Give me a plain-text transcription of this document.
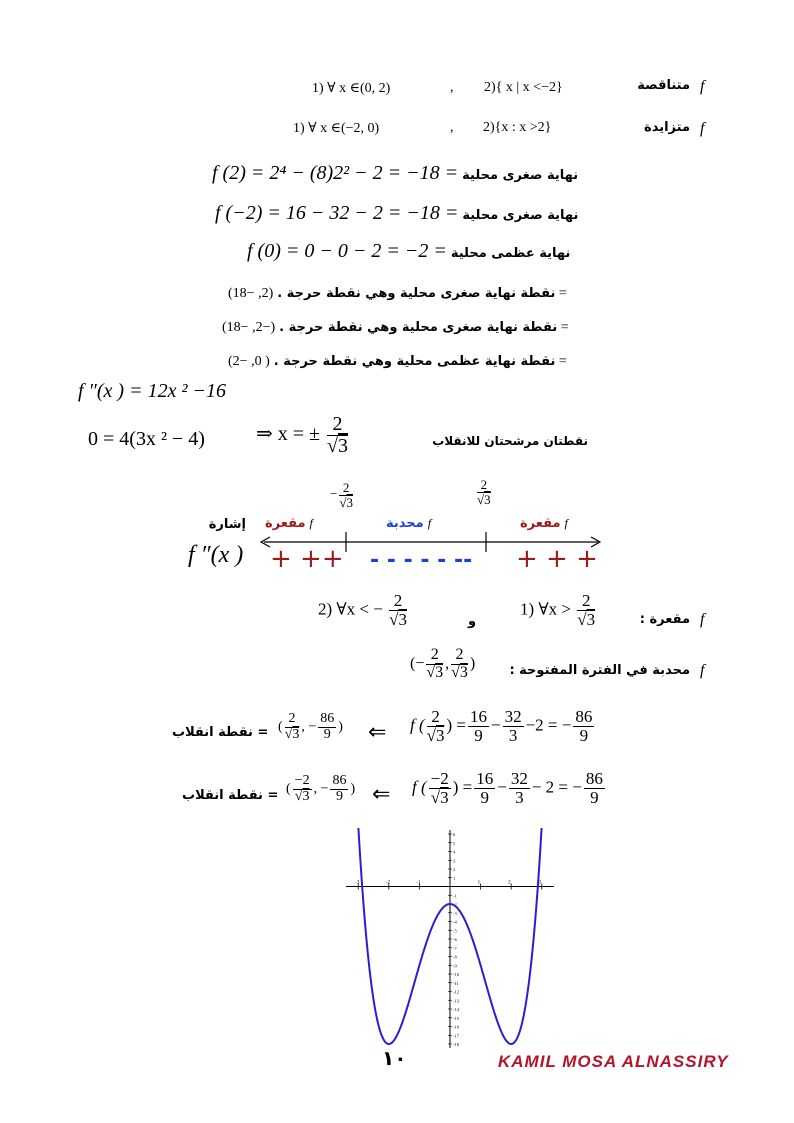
f
متناقصة
1) ∀ x ∈(0, 2)	, 2){ x | x <−2}
f
متزايدة
1) ∀ x ∈(−2, 0)	, 2){x : x >2}
f (2) = 2⁴ − (8)2² − 2 = −18 = نهاية صغرى محلية
f (−2) = 16 − 32 − 2 = −18 = نهاية صغرى محلية
f (0) = 0 − 0 − 2 = −2 = نهاية عظمى محلية
نقطة نهاية صغرى محلية وهي نقطة حرجة . (2, −18) =
نقطة نهاية صغرى محلية وهي نقطة حرجة . (−2, −18) =
نقطة نهاية عظمى محلية وهي نقطة حرجة . ( 0, −2) =
f ″(x ) = 12x ² −16
0 = 4(3x ² − 4)	⇒ x = ± $\frac{2}{√3}$	نقطتان مرشحتان للانقلاب
إشارة
f ″(x )
− $\frac{2}{√3}$	$\frac{2}{√3}$
مقعرة f	محدبة f	مقعرة f
+ ++ - - - - - -- + + +
f
مقعرة :
1) ∀x > $\frac{2}{√3}$
و
2) ∀x < − $\frac{2}{√3}$
f
محدبة في الفترة المفتوحة :
(− $\frac{2}{√3}$ , $\frac{2}{√3}$ )
= نقطة انقلاب ( $\frac{2}{√3}$ , − $\frac{86}{9}$ ) ⇐ f ( $\frac{2}{√3}$ ) = $\frac{16}{9} - \frac{32}{3} -2$ = − $\frac{86}{9}$
= نقطة انقلاب ( $\frac{-2}{√3}$ , − $\frac{86}{9}$ ) ⇐ f ( $\frac{-2}{√3}$ ) = $\frac{16}{9} - \frac{32}{3} - 2$ = − $\frac{86}{9}$
-3	-2	-1	1	2	3
6
5
4
3
2
1
-1
-2
-3
-4
-5
-6
-7
-8
-9
-10
-11
-12
-13
-14
-15
-16
-17
-18
١٠	KAMIL MOSA ALNASSIRY
